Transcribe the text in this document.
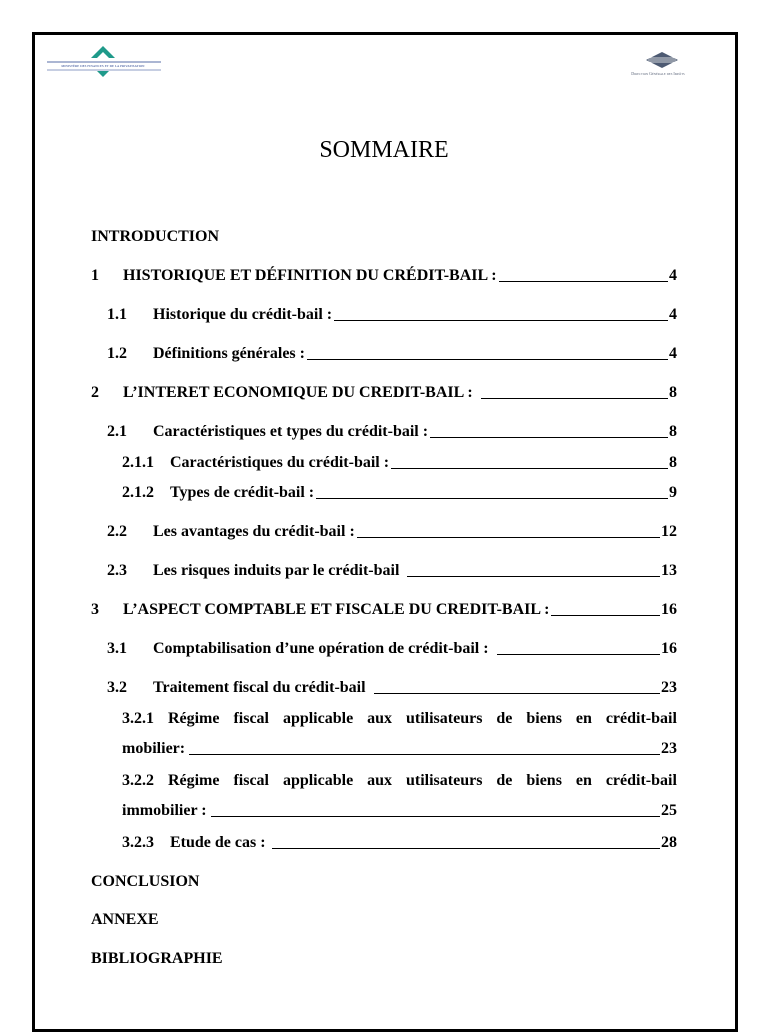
MINISTÈRE DES FINANCES ET DE LA PRIVATISATION
Direction Générale des Impôts
SOMMAIRE
INTRODUCTION
1	HISTORIQUE ET DÉFINITION DU CRÉDIT-BAIL :	4
1.1	Historique du crédit-bail :	4
1.2	Définitions générales :	4
2	L’INTERET ECONOMIQUE DU CREDIT-BAIL :	8
2.1	Caractéristiques et types du crédit-bail :	8
2.1.1	Caractéristiques du crédit-bail :	8
2.1.2	Types de crédit-bail :	9
2.2	Les avantages du crédit-bail :	12
2.3	Les risques induits par le crédit-bail	13
3	L’ASPECT COMPTABLE ET FISCALE DU CREDIT-BAIL :	16
3.1	Comptabilisation d’une opération de crédit-bail :	16
3.2	Traitement fiscal du crédit-bail	23
3.2.1 Régime fiscal applicable aux utilisateurs de biens en crédit-bail
mobilier:	23
3.2.2 Régime fiscal applicable aux utilisateurs de biens en crédit-bail
immobilier :	25
3.2.3	Etude de cas :	28
CONCLUSION
ANNEXE
BIBLIOGRAPHIE
